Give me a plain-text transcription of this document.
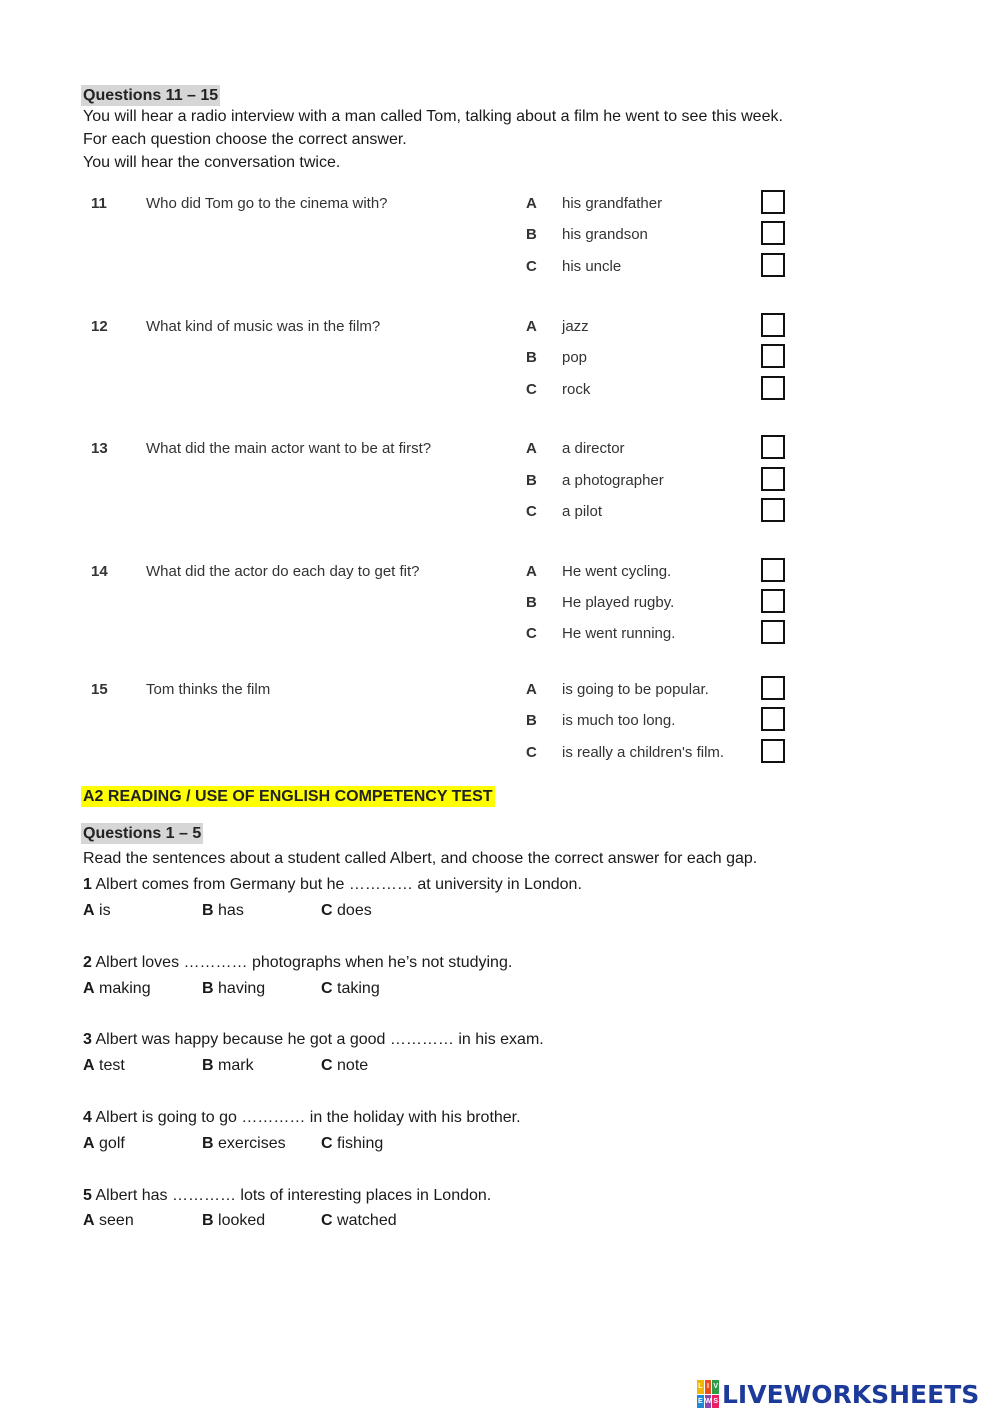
Questions 11 – 15
You will hear a radio interview with a man called Tom, talking about a film he went to see this week.
For each question choose the correct answer.
You will hear the conversation twice.
11	Who did Tom go to the cinema with?	A his grandfather
B his grandson
C his uncle
12	What kind of music was in the film?	A jazz
B pop
C rock
13	What did the main actor want to be at first?	A a director
B a photographer
C a pilot
14	What did the actor do each day to get fit?	A He went cycling.
B He played rugby.
C He went running.
15	Tom thinks the film	A is going to be popular.
B is much too long.
C is really a children's film.
A2 READING / USE OF ENGLISH COMPETENCY TEST
Questions 1 – 5
Read the sentences about a student called Albert, and choose the correct answer for each gap.
1 Albert comes from Germany but he ………… at university in London.
A is	B has	C does
2 Albert loves ………… photographs when he’s not studying.
A making	B having	C taking
3 Albert was happy because he got a good ………… in his exam.
A test	B mark	C note
4 Albert is going to go ………… in the holiday with his brother.
A golf	B exercises C fishing
5 Albert has ………… lots of interesting places in London.
A seen	B looked	C watched
L I V
E W S LIVEWORKSHEETS
